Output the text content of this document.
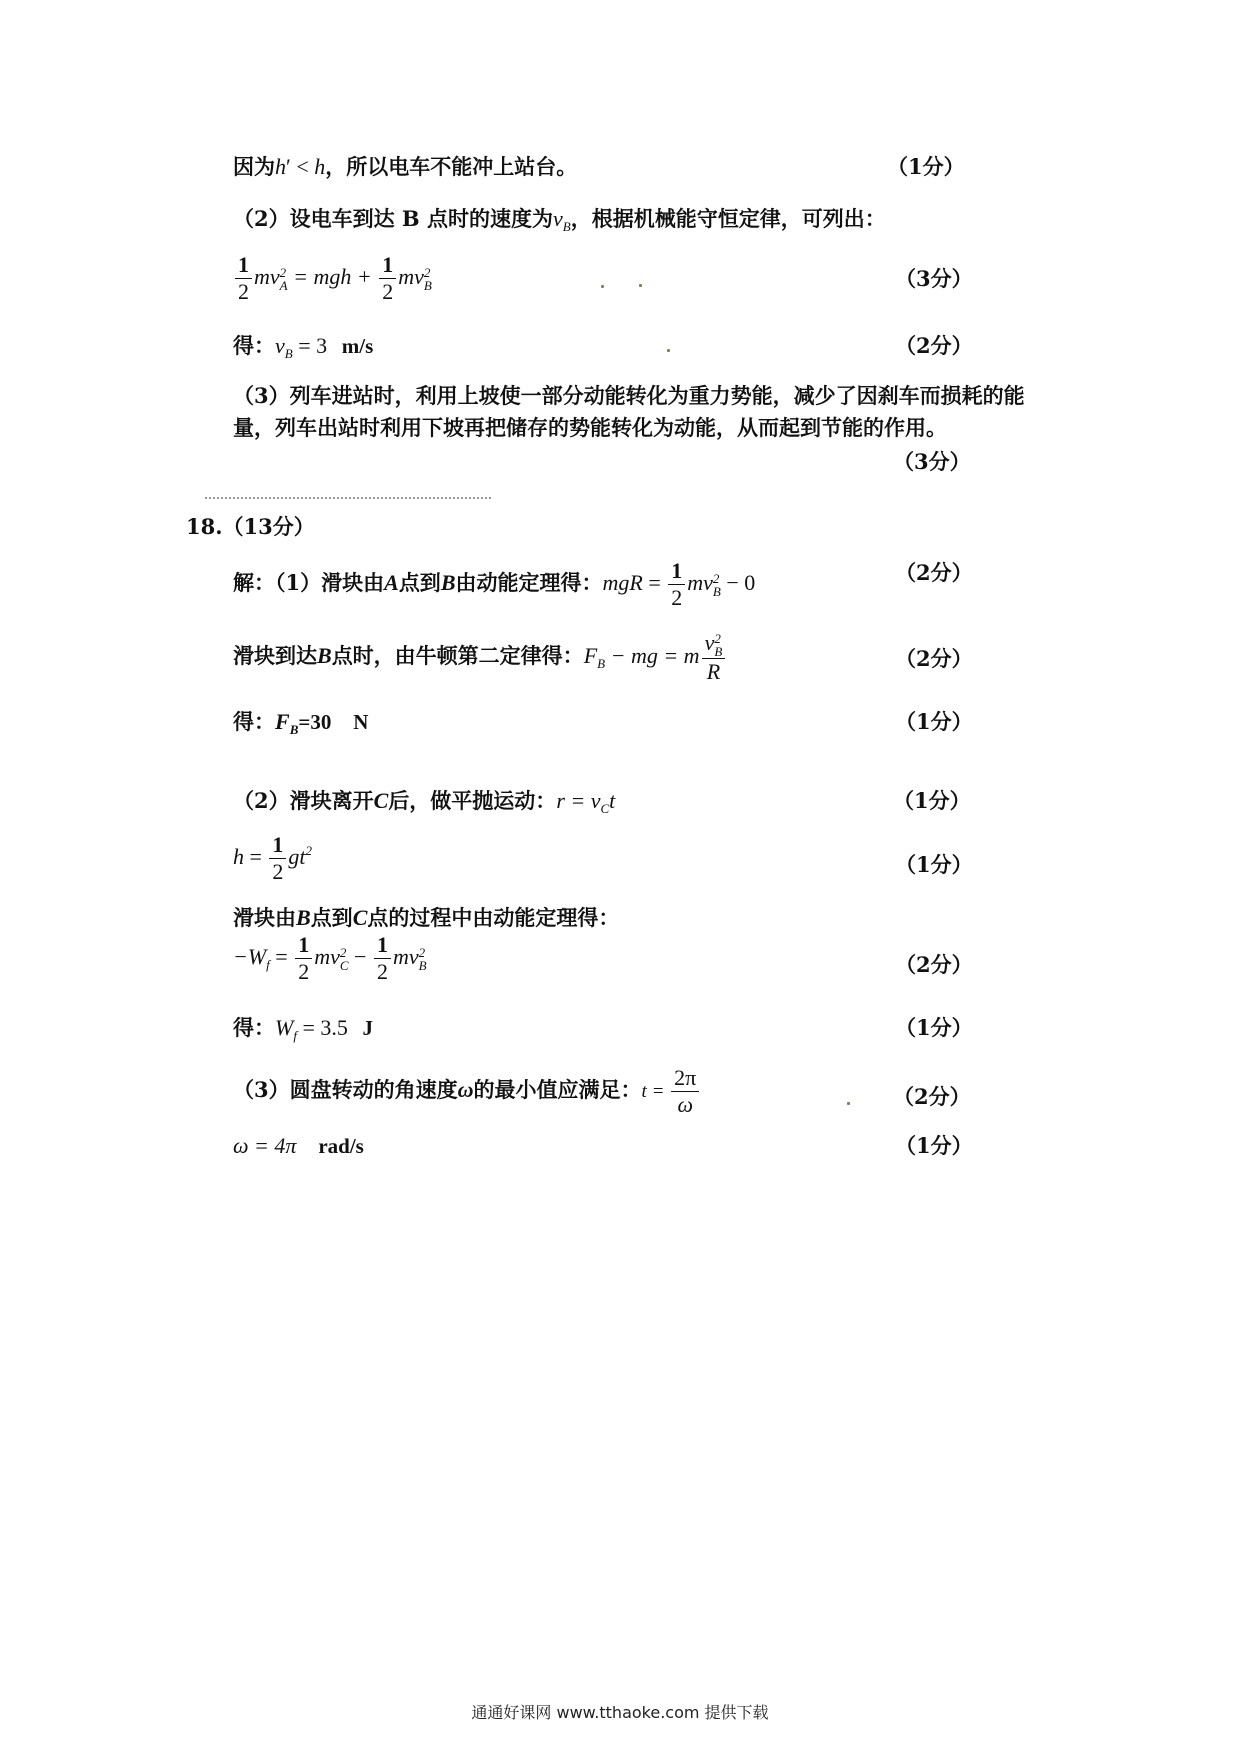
因为h′ < h，所以电车不能冲上站台。	（1分）
（2）设电车到达 B 点时的速度为$v_B$，根据机械能守恒定律，可列出：
$\frac{1}{2}$ mv 2
A = mgh + $\frac{1}{2}$ mv 2
B	（3分）
得：$v_B = 3$ m/s	（2分）
（3）列车进站时，利用上坡使一部分动能转化为重力势能，减少了因刹车而损耗的能
量，列车出站时利用下坡再把储存的势能转化为动能，从而起到节能的作用。
（3分）
18.（13分）
解：（1）滑块由A点到B由动能定理得：mgR = $\frac{1}{2}$ mv 2
B − 0	（2分）
滑块到达B点时，由牛顿第二定律得：$F_B$ − mg = m v 2
B
R	（2分）
得：$F_B=30$ N	（1分）
（2）滑块离开C后，做平抛运动：$r = v_Ct$	（1分）
$h = \frac{1}{2} gt^2$
（1分）
滑块由B点到C点的过程中由动能定理得：
$-W_f = \frac{1}{2}$ mv 2
$C - \frac{1}{2}$ mv 2
B	（2分）
得：$W_f = 3.5$ J	（1分）
（3）圆盘转动的角速度ω的最小值应满足：$t = \frac{2\pi}{\omega}$	（2分）
ω = 4π rad/s	（1分）
通通好课网 www.tthaoke.com 提供下载
